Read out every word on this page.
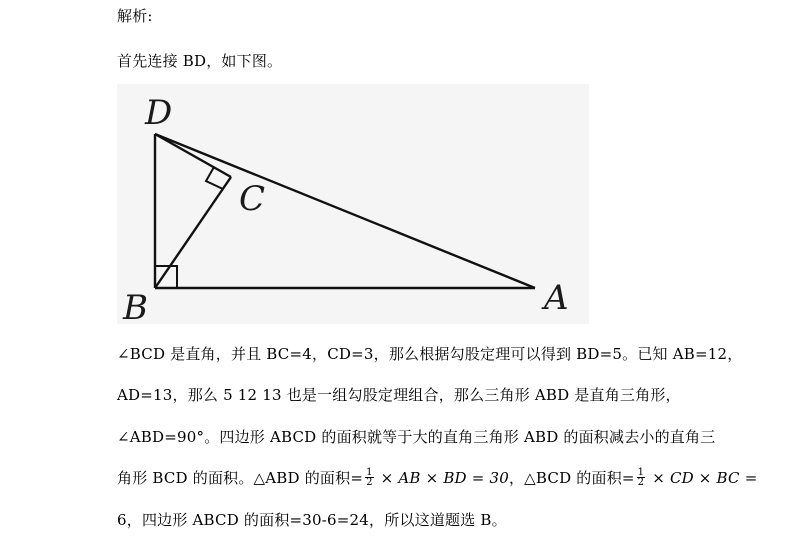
解析:
首先连接 BD，如下图。
D
C
B	A
∠BCD 是直角，并且 BC=4，CD=3，那么根据勾股定理可以得到 BD=5。已知 AB=12，
AD=13，那么 5 12 13 也是一组勾股定理组合，那么三角形 ABD 是直角三角形，
∠ABD=90°。四边形 ABCD 的面积就等于大的直角三角形 ABD 的面积减去小的直角三
角形 BCD 的面积。△ABD 的面积= $\frac{1}{2}$ × AB × BD = 30，△BCD 的面积= $\frac{1}{2}$ × CD × BC =
6，四边形 ABCD 的面积=30-6=24，所以这道题选 B。
